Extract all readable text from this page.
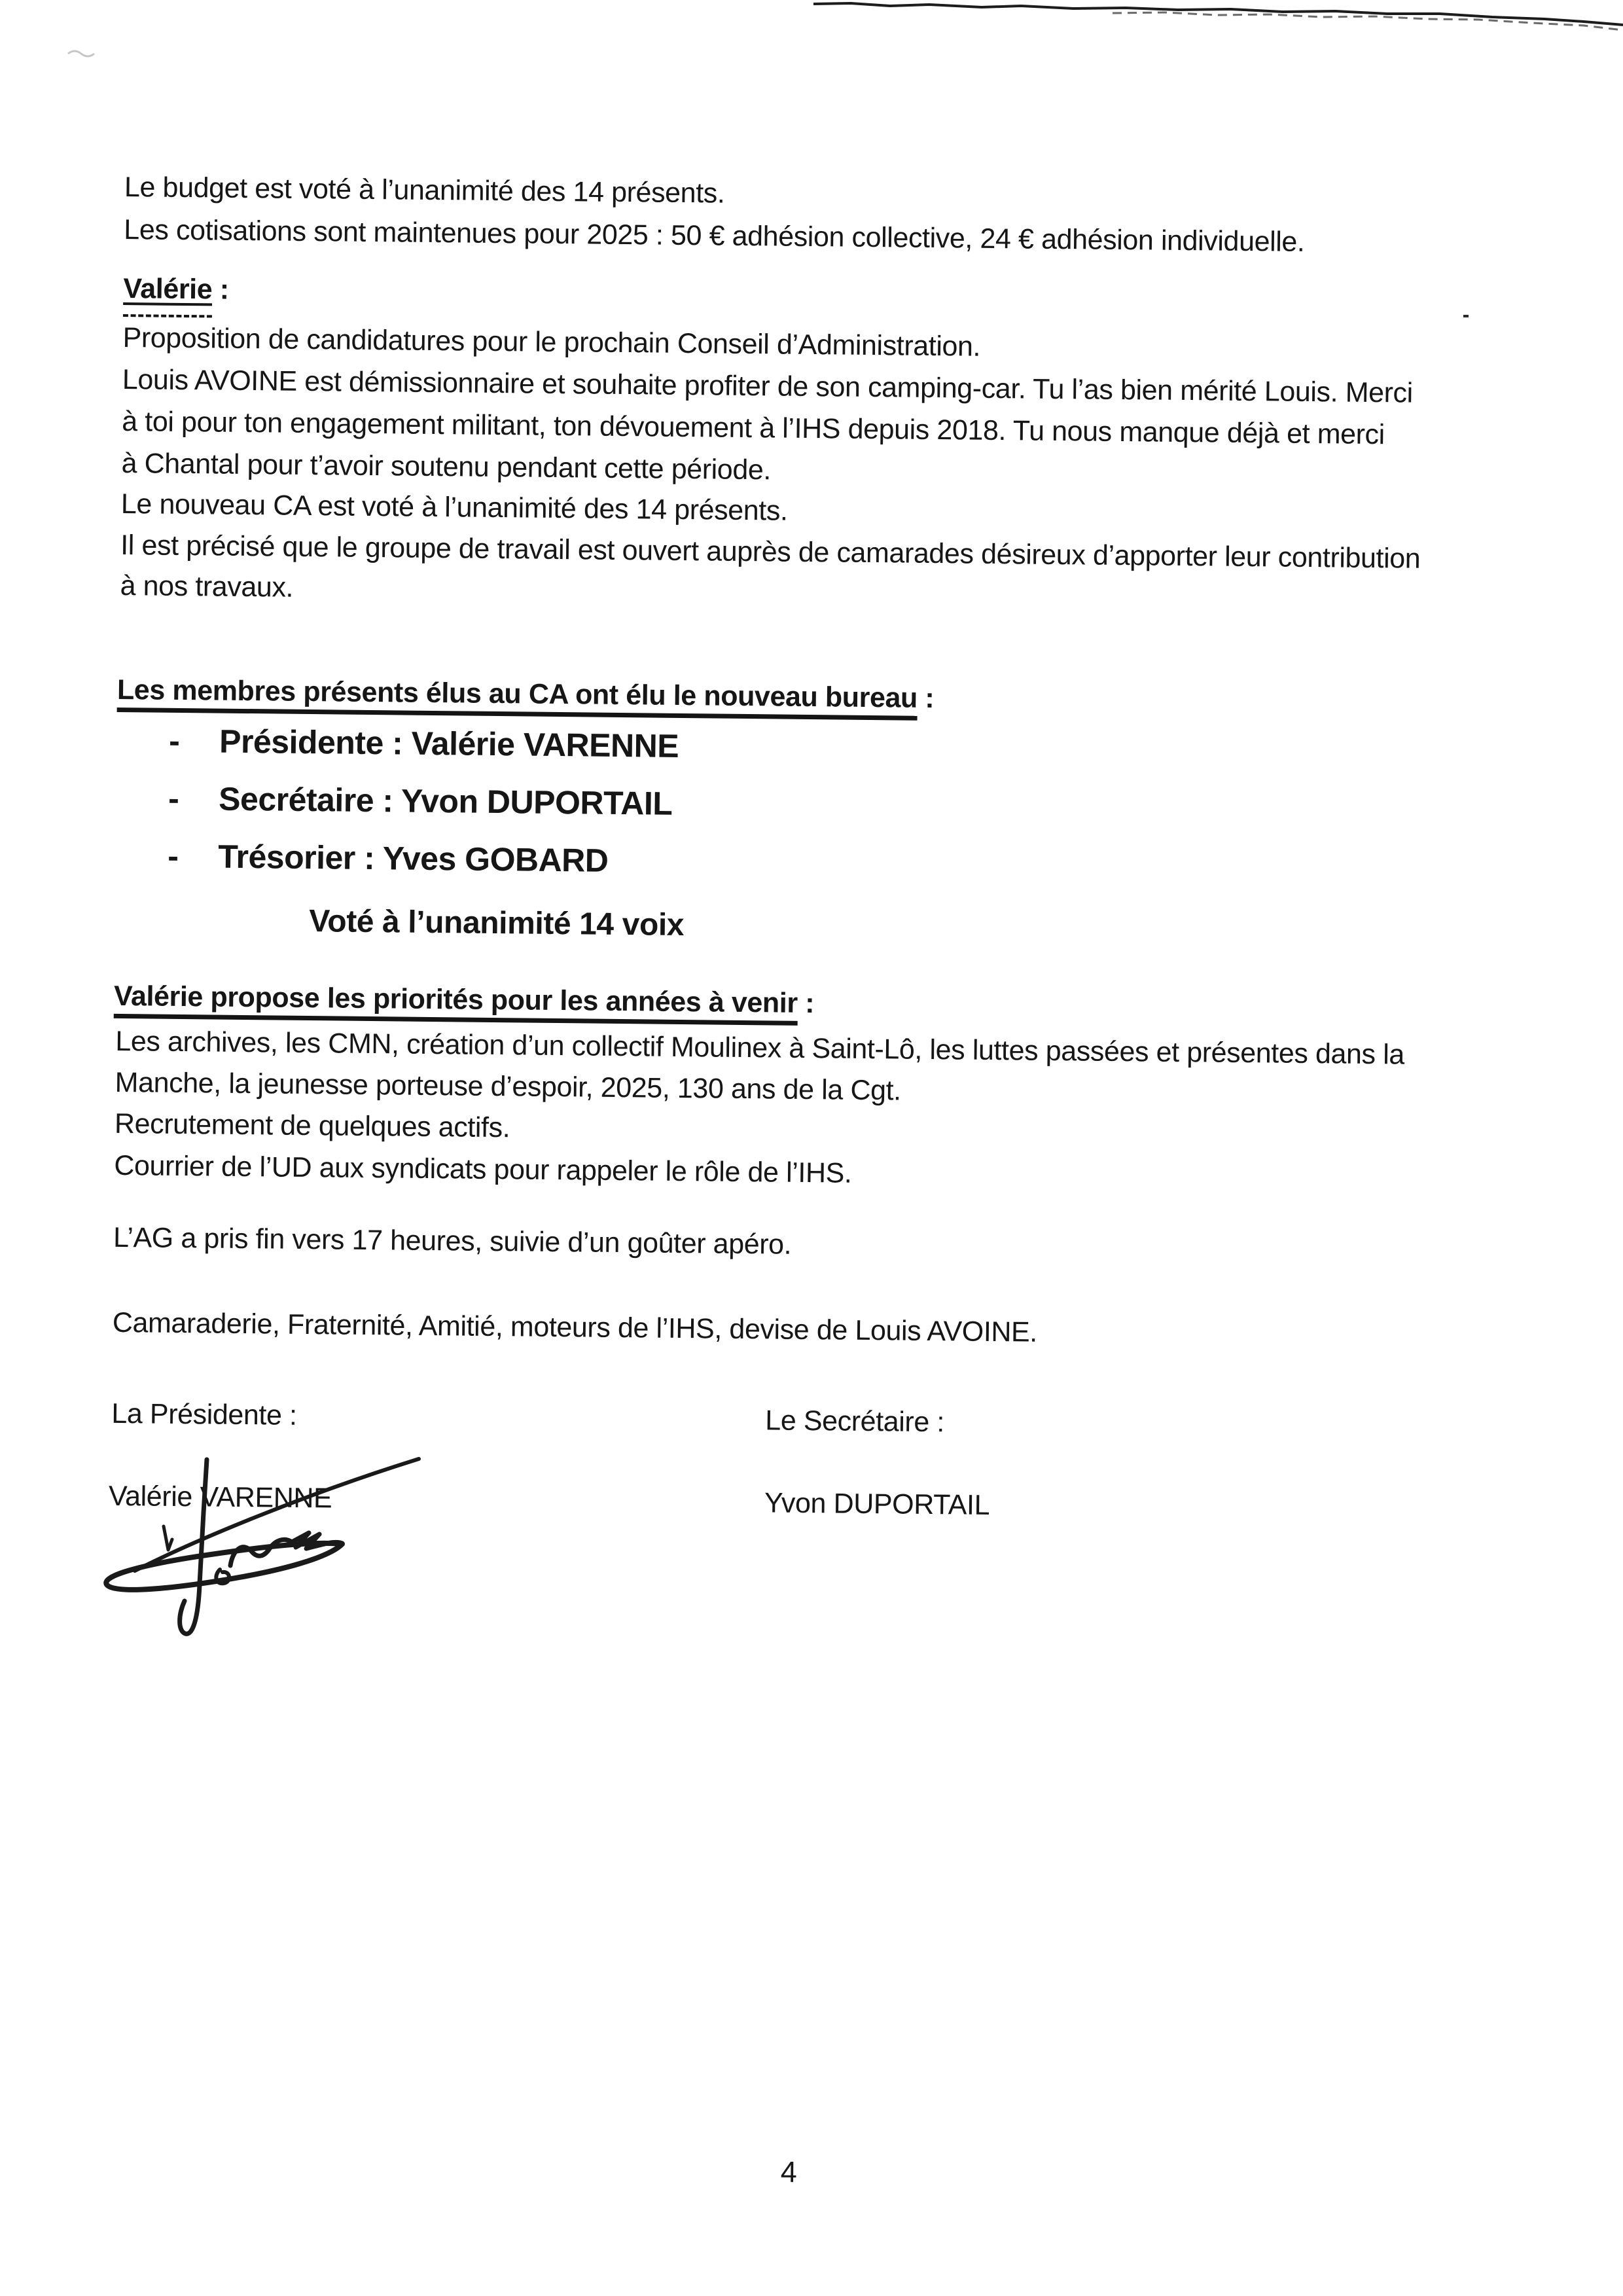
Le budget est voté à l’unanimité des 14 présents.
Les cotisations sont maintenues pour 2025 : 50 € adhésion collective, 24 € adhésion individuelle.
Valérie :
Proposition de candidatures pour le prochain Conseil d’Administration.
Louis AVOINE est démissionnaire et souhaite profiter de son camping-car. Tu l’as bien mérité Louis. Merci
à toi pour ton engagement militant, ton dévouement à l’IHS depuis 2018. Tu nous manque déjà et merci
à Chantal pour t’avoir soutenu pendant cette période.
Le nouveau CA est voté à l’unanimité des 14 présents.
Il est précisé que le groupe de travail est ouvert auprès de camarades désireux d’apporter leur contribution
à nos travaux.
Les membres présents élus au CA ont élu le nouveau bureau :
- Présidente : Valérie VARENNE
- Secrétaire : Yvon DUPORTAIL
- Trésorier : Yves GOBARD
Voté à l’unanimité 14 voix
Valérie propose les priorités pour les années à venir :
Les archives, les CMN, création d’un collectif Moulinex à Saint-Lô, les luttes passées et présentes dans la
Manche, la jeunesse porteuse d’espoir, 2025, 130 ans de la Cgt.
Recrutement de quelques actifs.
Courrier de l’UD aux syndicats pour rappeler le rôle de l’IHS.
L’AG a pris fin vers 17 heures, suivie d’un goûter apéro.
Camaraderie, Fraternité, Amitié, moteurs de l’IHS, devise de Louis AVOINE.
La Présidente :	Le Secrétaire :
Valérie VARENNE	Yvon DUPORTAIL
4
